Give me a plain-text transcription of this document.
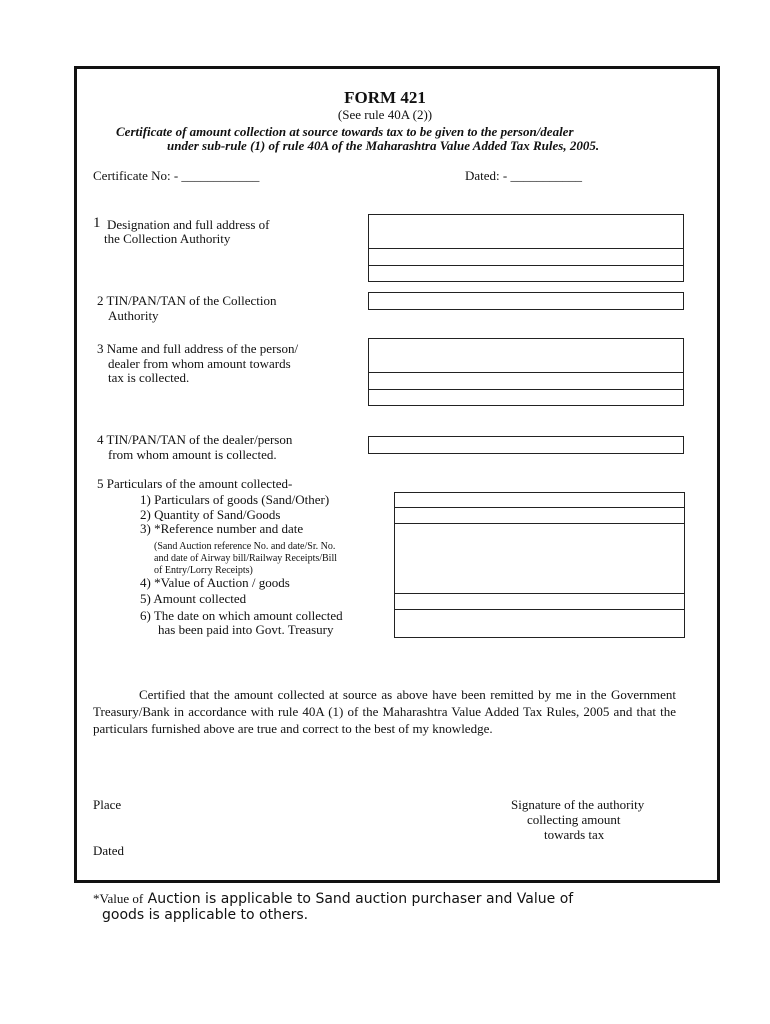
FORM 421
(See rule 40A (2))
Certificate of amount collection at source towards tax to be given to the person/dealer
under sub-rule (1) of rule 40A of the Maharashtra Value Added Tax Rules, 2005.
Certificate No: - ____________	Dated: - ___________
1 Designation and full address of
the Collection Authority
2 TIN/PAN/TAN of the Collection
Authority
3 Name and full address of the person/
dealer from whom amount towards
tax is collected.
4 TIN/PAN/TAN of the dealer/person
from whom amount is collected.
5 Particulars of the amount collected-
1) Particulars of goods (Sand/Other)
2) Quantity of Sand/Goods
3) *Reference number and date
(Sand Auction reference No. and date/Sr. No.
and date of Airway bill/Railway Receipts/Bill
of Entry/Lorry Receipts)
4) *Value of Auction / goods
5) Amount collected
6) The date on which amount collected
has been paid into Govt. Treasury
Certified that the amount collected at source as above have been remitted by me in the Government Treasury/Bank in accordance with rule 40A (1) of the Maharashtra Value Added Tax Rules, 2005 and that the particulars furnished above are true and correct to the best of my knowledge.
Place
Dated
Signature of the authority
collecting amount
towards tax
*Value of Auction is applicable to Sand auction purchaser and Value of
goods is applicable to others.
